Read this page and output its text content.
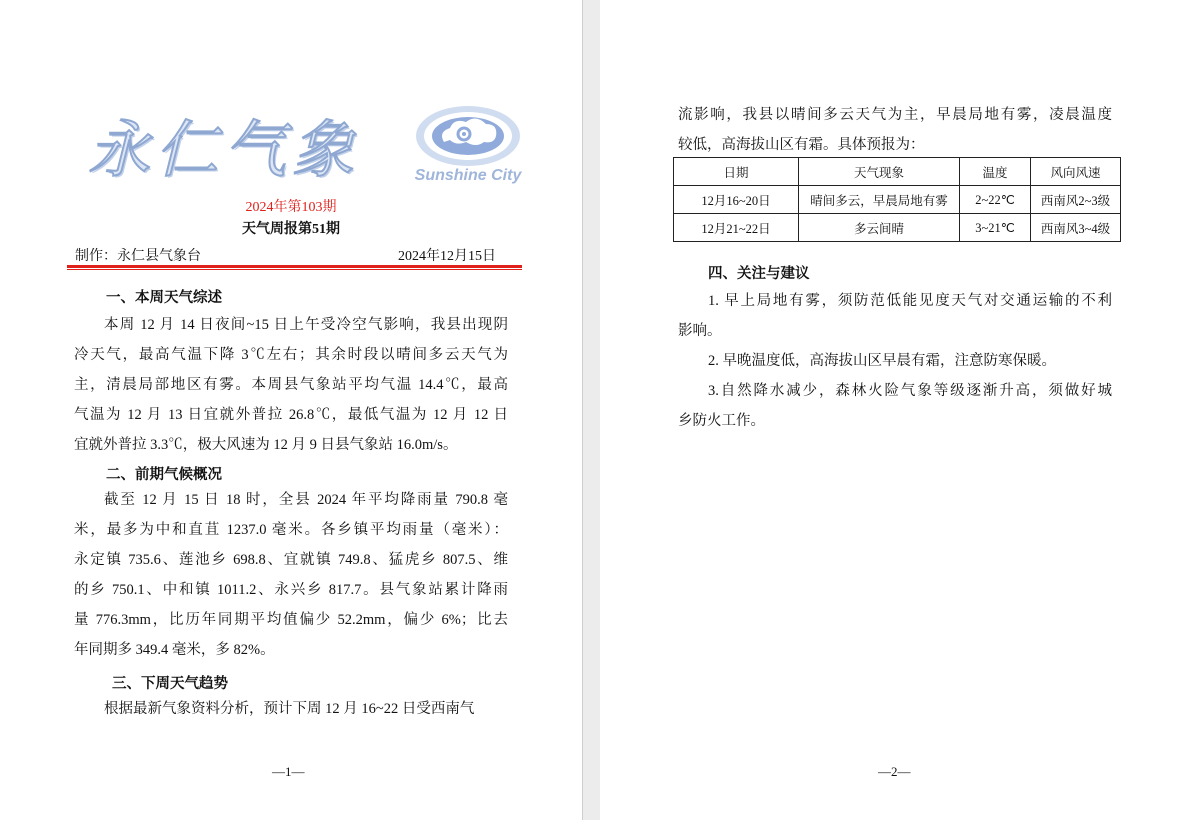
永仁气象	Sunshine City
2024年第103期
天气周报第51期
制作：永仁县气象台	2024年12月15日
一、本周天气综述
本周 12 月 14 日夜间~15 日上午受冷空气影响，我县出现阴
冷天气，最高气温下降 3℃左右；其余时段以晴间多云天气为
主，清晨局部地区有雾。本周县气象站平均气温 14.4℃，最高
气温为 12 月 13 日宜就外普拉 26.8℃，最低气温为 12 月 12 日
宜就外普拉 3.3℃，极大风速为 12 月 9 日县气象站 16.0m/s。
二、前期气候概况
截至 12 月 15 日 18 时，全县 2024 年平均降雨量 790.8 毫
米，最多为中和直苴 1237.0 毫米。各乡镇平均雨量（毫米）：
永定镇 735.6、莲池乡 698.8、宜就镇 749.8、猛虎乡 807.5、维
的乡 750.1、中和镇 1011.2、永兴乡 817.7。县气象站累计降雨
量 776.3mm，比历年同期平均值偏少 52.2mm，偏少 6%；比去
年同期多 349.4 毫米，多 82%。
三、下周天气趋势
根据最新气象资料分析，预计下周 12 月 16~22 日受西南气
—1—
流影响，我县以晴间多云天气为主，早晨局地有雾，凌晨温度
较低，高海拔山区有霜。具体预报为：
四、关注与建议
1. 早上局地有雾，须防范低能见度天气对交通运输的不利
影响。
2. 早晚温度低，高海拔山区早晨有霜，注意防寒保暖。
3.自然降水减少，森林火险气象等级逐渐升高，须做好城
乡防火工作。
—2—
日期	天气现象	温度	风向风速
12月16~20日	晴间多云，早晨局地有雾	2~22℃	西南风2~3级
12月21~22日	多云间晴	3~21℃	西南风3~4级
